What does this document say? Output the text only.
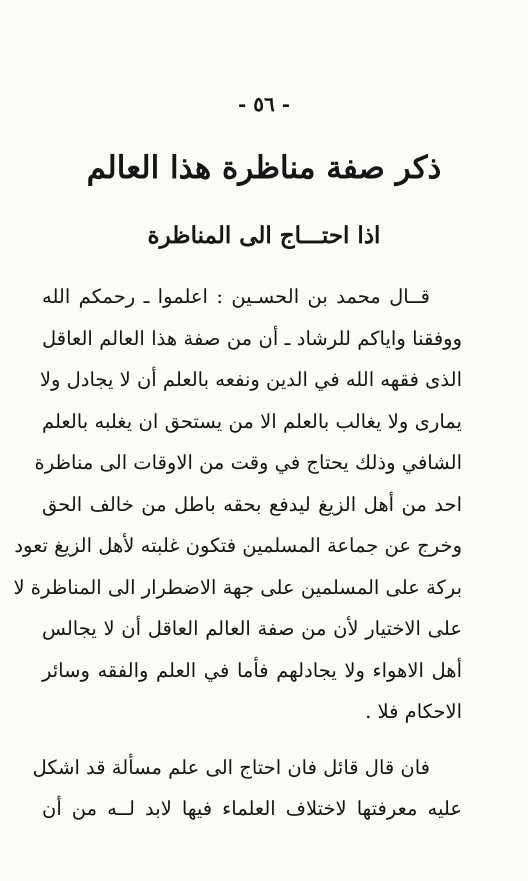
- ٥٦ -
ذكر صفة مناظرة هذا العالم
اذا احتـــاج الى المناظرة
قــال محمد بن الحسـين : اعلموا ـ رحمكم الله
ووفقنا واياكم للرشاد ـ أن من صفة هذا العالم العاقل
الذى فقهه الله في الدين ونفعه بالعلم أن لا يجادل ولا
يمارى ولا يغالب بالعلم الا من يستحق ان يغلبه بالعلم
الشافي وذلك يحتاج في وقت من الاوقات الى مناظرة
احد من أهل الزيغ ليدفع بحقه باطل من خالف الحق
وخرج عن جماعة المسلمين فتكون غلبته لأهل الزيغ تعود
بركة على المسلمين على جهة الاضطرار الى المناظرة لا
على الاختيار لأن من صفة العالم العاقل أن لا يجالس
أهل الاهواء ولا يجادلهم فأما في العلم والفقه وسائر
الاحكام فلا .
فان قال قائل فان احتاج الى علم مسألة قد اشكل
عليه معرفتها لاختلاف العلماء فيها لابد لــه من أن
